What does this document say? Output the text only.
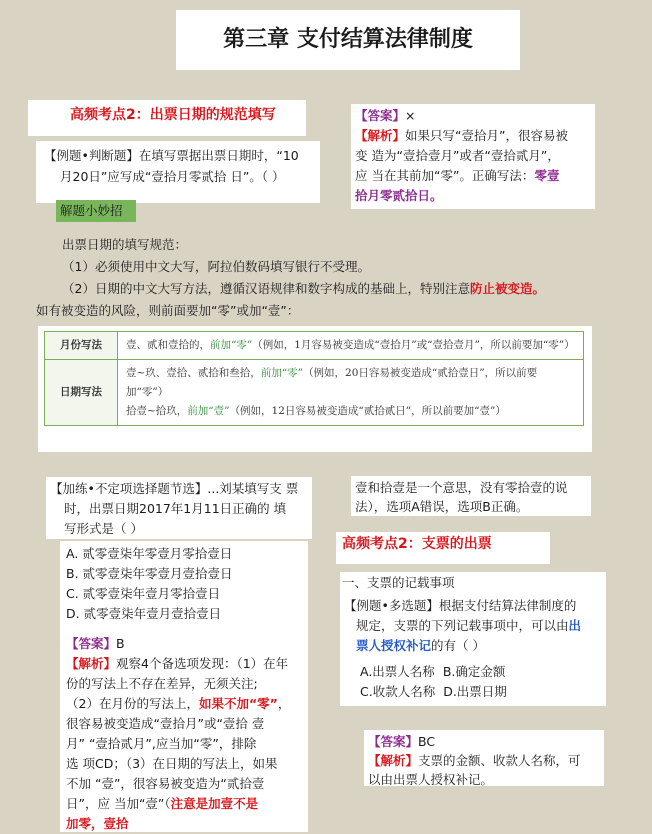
第三章 支付结算法律制度
高频考点2：出票日期的规范填写

【例题•判断题】在填写票据出票日期时，“10

月20日”应写成“壹拾月零贰拾 日”。（ ）

【答案】×

【解析】如果只写“壹拾月”，很容易被

变 造为“壹拾壹月”或者“壹拾贰月”，

应 当在其前加“零”。正确写法：零壹

拾月零贰拾日。

解题小妙招
出票日期的填写规范：
（1）必须使用中文大写，阿拉伯数码填写银行不受理。
（2）日期的中文大写方法，遵循汉语规律和数字构成的基础上，特别注意防止被变造。
如有被变造的风险，则前面要加“零”或加“壹”：
月份写法	壹、贰和壹拾的，前加“零”（例如，1月容易被变造成“壹拾月”或“壹拾壹月”，所以前要加“零”）
日期写法	壹~玖、壹拾、贰拾和叁拾，前加“零”（例如，20日容易被变造成“贰拾壹日”，所以前要加“零”）
拾壹~拾玖，前加“壹”（例如，12日容易被变造成“贰拾贰日”，所以前要加“壹”）

【加练•不定项选择题节选】...刘某填写支 票

时，出票日期2017年1月11日正确的 填

写形式是（ ）

A. 贰零壹柒年零壹月零拾壹日

B. 贰零壹柒年零壹月壹拾壹日

C. 贰零壹柒年壹月零拾壹日

D. 贰零壹柒年壹月壹拾壹日

【答案】B

【解析】观察4个备选项发现：（1）在年

份的写法上不存在差异，无须关注;

（2）在月份的写法上，如果不加“零”，

很容易被变造成“壹拾月”或“壹拾 壹

月” “壹拾贰月”,应当加“零”，排除

选 项CD；（3）在日期的写法上，如果

不加 “壹”，很容易被变造为“贰拾壹

日”，应 当加“壹”（注意是加壹不是

加零，壹拾

壹和拾壹是一个意思，没有零拾壹的说

法），选项A错误，选项B正确。

高频考点2：支票的出票
一、支票的记载事项

【例题•多选题】根据支付结算法律制度的

规定，支票的下列记载事项中，可以由出

票人授权补记的有（ ）

A.出票人名称 B.确定金额

C.收款人名称 D.出票日期

【答案】BC

【解析】支票的金额、收款人名称，可

以由出票人授权补记。
